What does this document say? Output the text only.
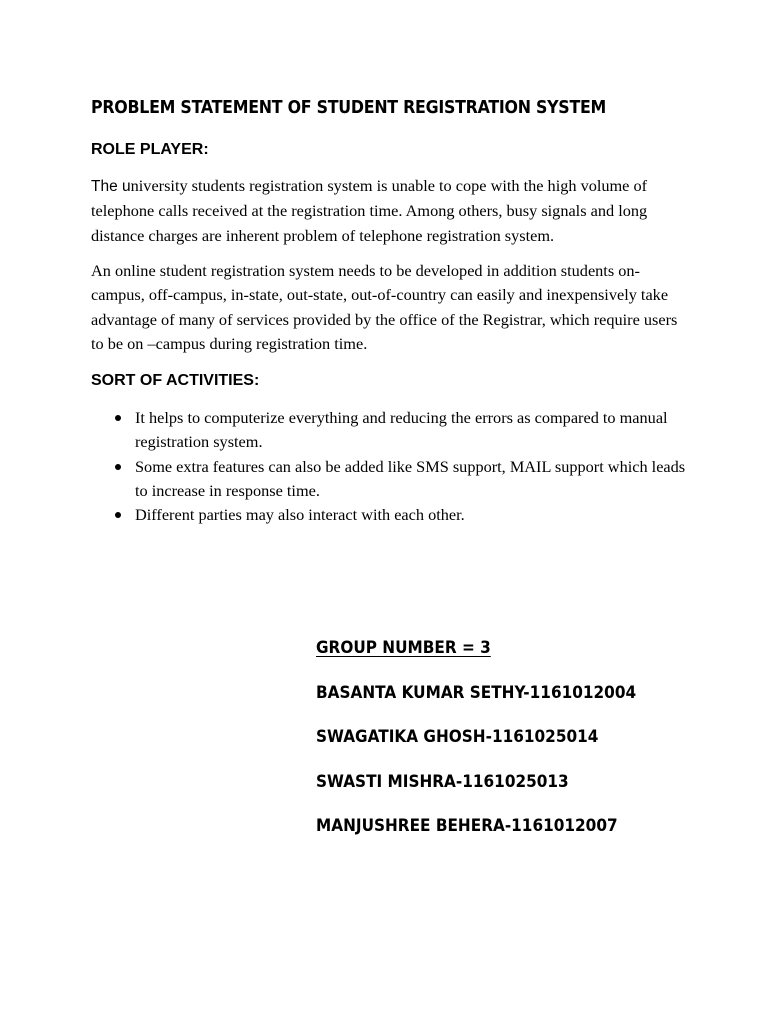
PROBLEM STATEMENT OF STUDENT REGISTRATION SYSTEM
ROLE PLAYER:

The university students registration system is unable to cope with the high volume of telephone calls received at the registration time. Among others, busy signals and long distance charges are inherent problem of telephone registration system.

An online student registration system needs to be developed in addition students on-campus, off-campus, in-state, out-state, out-of-country can easily and inexpensively take advantage of many of services provided by the office of the Registrar, which require users to be on –campus during registration time.

SORT OF ACTIVITIES:
It helps to computerize everything and reducing the errors as compared to manual registration system.
Some extra features can also be added like SMS support, MAIL support which leads to increase in response time.
Different parties may also interact with each other.
GROUP NUMBER = 3
BASANTA KUMAR SETHY-1161012004
SWAGATIKA GHOSH-1161025014
SWASTI MISHRA-1161025013
MANJUSHREE BEHERA-1161012007
